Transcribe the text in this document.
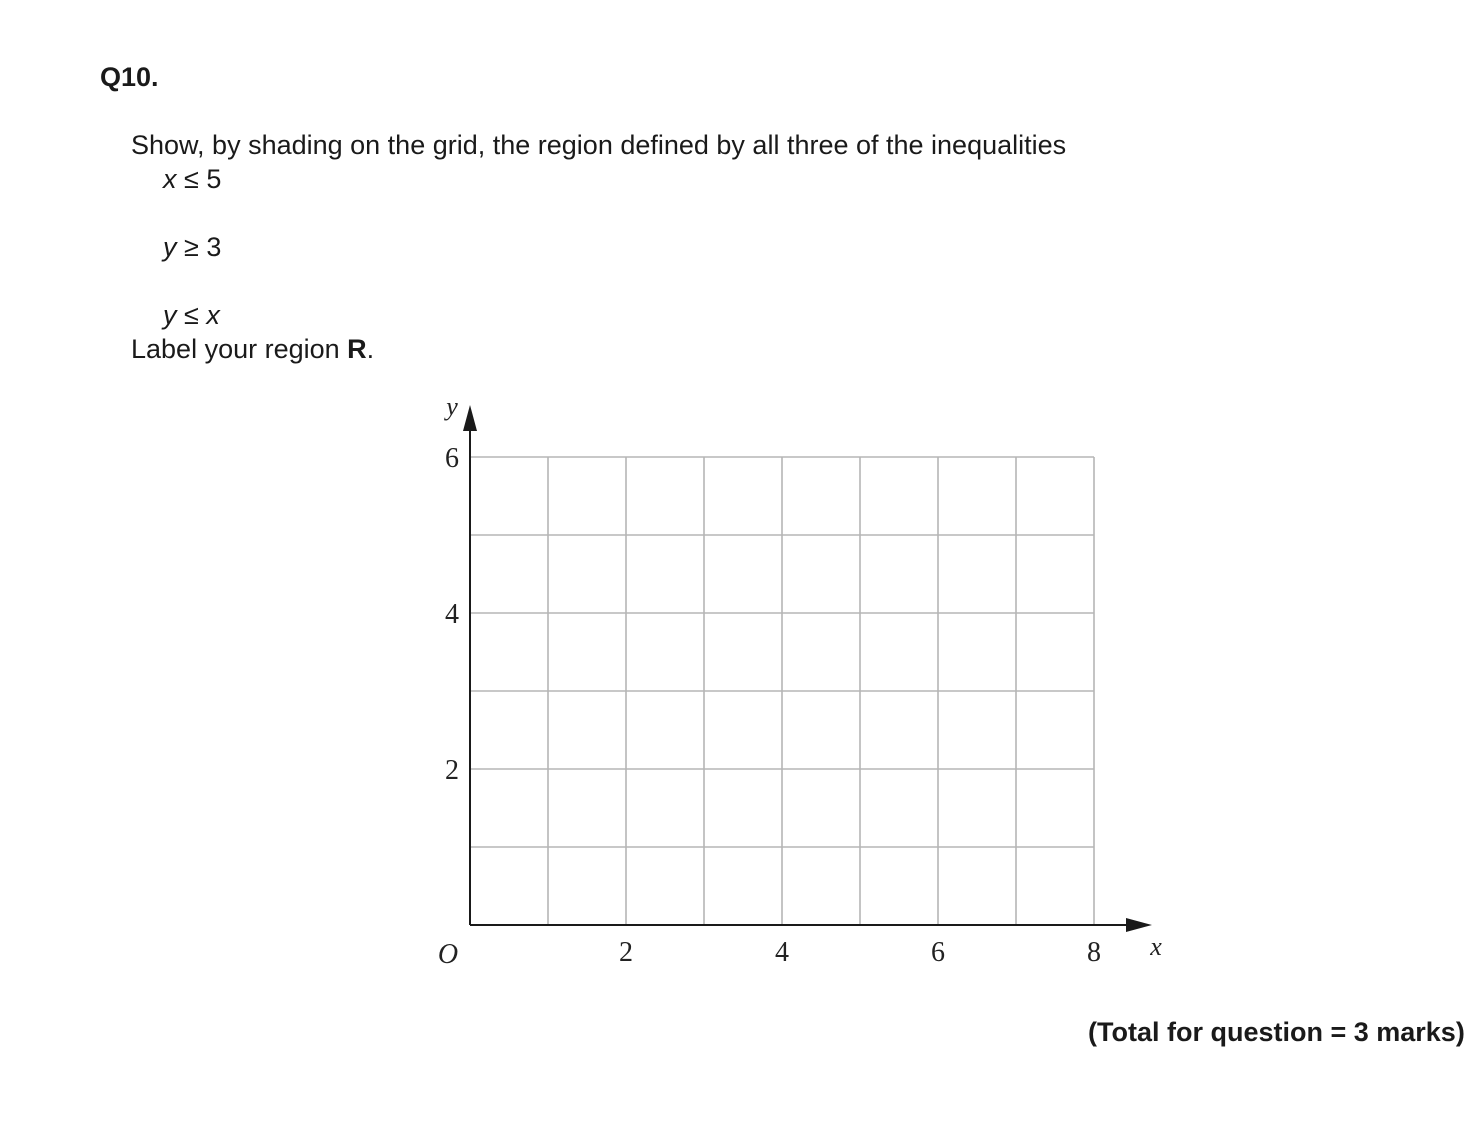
Q10.
Show, by shading on the grid, the region defined by all three of the inequalities
x ≤ 5
y ≥ 3
y ≤ x
Label your region R.
2	4	6	8
2
4
6
O	x
y
(Total for question = 3 marks)
